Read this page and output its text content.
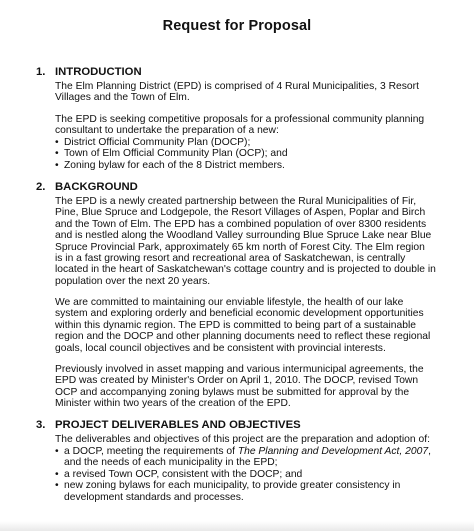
Request for Proposal
1. INTRODUCTION
The Elm Planning District (EPD) is comprised of 4 Rural Municipalities, 3 Resort
Villages and the Town of Elm.
The EPD is seeking competitive proposals for a professional community planning
consultant to undertake the preparation of a new:
• District Official Community Plan (DOCP);
• Town of Elm Official Community Plan (OCP); and
• Zoning bylaw for each of the 8 District members.
2. BACKGROUND
The EPD is a newly created partnership between the Rural Municipalities of Fir,
Pine, Blue Spruce and Lodgepole, the Resort Villages of Aspen, Poplar and Birch
and the Town of Elm. The EPD has a combined population of over 8300 residents
and is nestled along the Woodland Valley surrounding Blue Spruce Lake near Blue
Spruce Provincial Park, approximately 65 km north of Forest City. The Elm region
is in a fast growing resort and recreational area of Saskatchewan, is centrally
located in the heart of Saskatchewan's cottage country and is projected to double in
population over the next 20 years.
We are committed to maintaining our enviable lifestyle, the health of our lake
system and exploring orderly and beneficial economic development opportunities
within this dynamic region. The EPD is committed to being part of a sustainable
region and the DOCP and other planning documents need to reflect these regional
goals, local council objectives and be consistent with provincial interests.
Previously involved in asset mapping and various intermunicipal agreements, the
EPD was created by Minister's Order on April 1, 2010. The DOCP, revised Town
OCP and accompanying zoning bylaws must be submitted for approval by the
Minister within two years of the creation of the EPD.
3. PROJECT DELIVERABLES AND OBJECTIVES
The deliverables and objectives of this project are the preparation and adoption of:
• a DOCP, meeting the requirements of The Planning and Development Act, 2007,
and the needs of each municipality in the EPD;
• a revised Town OCP, consistent with the DOCP; and
• new zoning bylaws for each municipality, to provide greater consistency in
development standards and processes.
